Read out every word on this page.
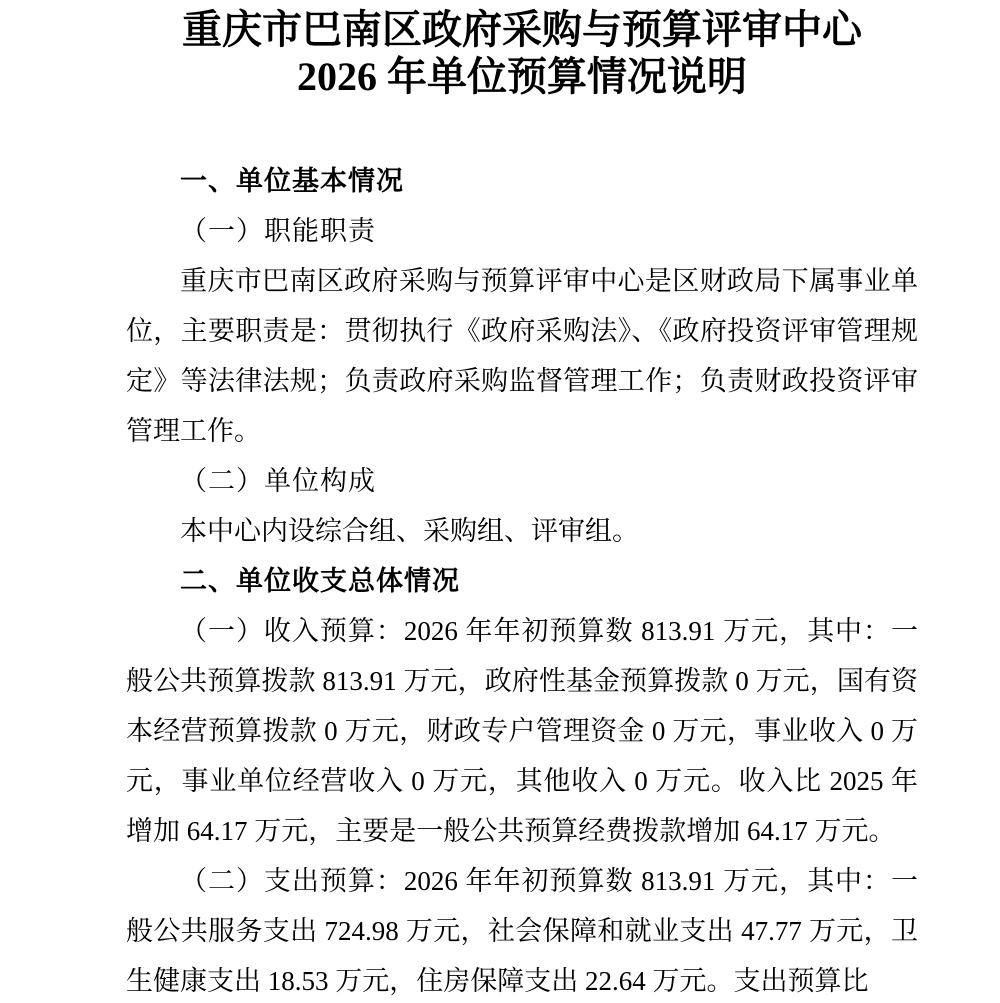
重庆市巴南区政府采购与预算评审中心
2026 年单位预算情况说明
一、单位基本情况
（一）职能职责
重庆市巴南区政府采购与预算评审中心是区财政局下属事业单位，主要职责是：贯彻执行《政府采购法》、《政府投资评审管理规定》等法律法规；负责政府采购监督管理工作；负责财政投资评审管理工作。
（二）单位构成
本中心内设综合组、采购组、评审组。
二、单位收支总体情况
（一）收入预算：2026 年年初预算数 813.91 万元，其中：一般公共预算拨款 813.91 万元，政府性基金预算拨款 0 万元，国有资本经营预算拨款 0 万元，财政专户管理资金 0 万元，事业收入 0 万元，事业单位经营收入 0 万元，其他收入 0 万元。收入比 2025 年增加 64.17 万元，主要是一般公共预算经费拨款增加 64.17 万元。
（二）支出预算：2026 年年初预算数 813.91 万元，其中：一般公共服务支出 724.98 万元，社会保障和就业支出 47.77 万元，卫生健康支出 18.53 万元，住房保障支出 22.64 万元。支出预算比
